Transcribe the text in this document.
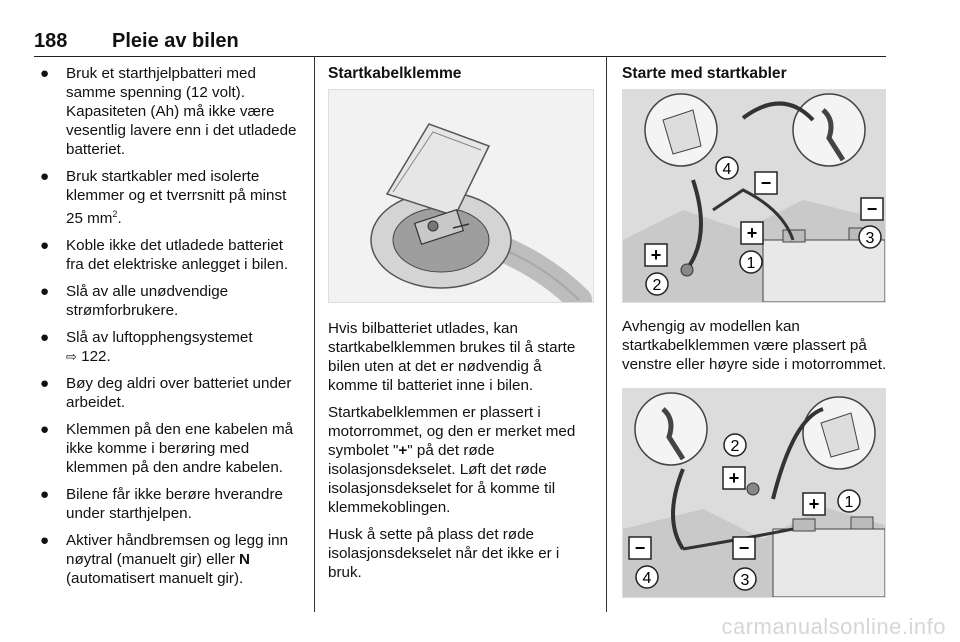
188 Pleie av bilen
● Bruk et starthjelpbatteri med samme spenning (12 volt). Kapasiteten (Ah) må ikke være vesentlig lavere enn i det utladede batteriet.
● Bruk startkabler med isolerte klemmer og et tverrsnitt på minst 25 $mm^2$.
● Koble ikke det utladede batteriet fra det elektriske anlegget i bilen.
● Slå av alle unødvendige strømforbrukere.
● Slå av luftopphengsystemet
⇨ 122.
● Bøy deg aldri over batteriet under arbeidet.
● Klemmen på den ene kabelen må ikke komme i berøring med klemmen på den andre kabelen.
● Bilene får ikke berøre hverandre under starthjelpen.
● Aktiver håndbremsen og legg inn nøytral (manuelt gir) eller N (automatisert manuelt gir).
Startkabelklemme

Hvis bilbatteriet utlades, kan startkabelklemmen brukes til å starte bilen uten at det er nødvendig å komme til batteriet inne i bilen.

Startkabelklemmen er plassert i motorrommet, og den er merket med symbolet "+" på det røde isolasjonsdekselet. Løft det røde isolasjonsdekselet for å komme til klemmekoblingen.

Husk å sette på plass det røde isolasjonsdekselet når det ikke er i bruk.

Starte med startkabler
−
−
+
+
4
3
1
2

Avhengig av modellen kan startkabelklemmen være plassert på venstre eller høyre side i motorrommet.

−	−
+
+
2
1
4	3
carmanualsonline.info
